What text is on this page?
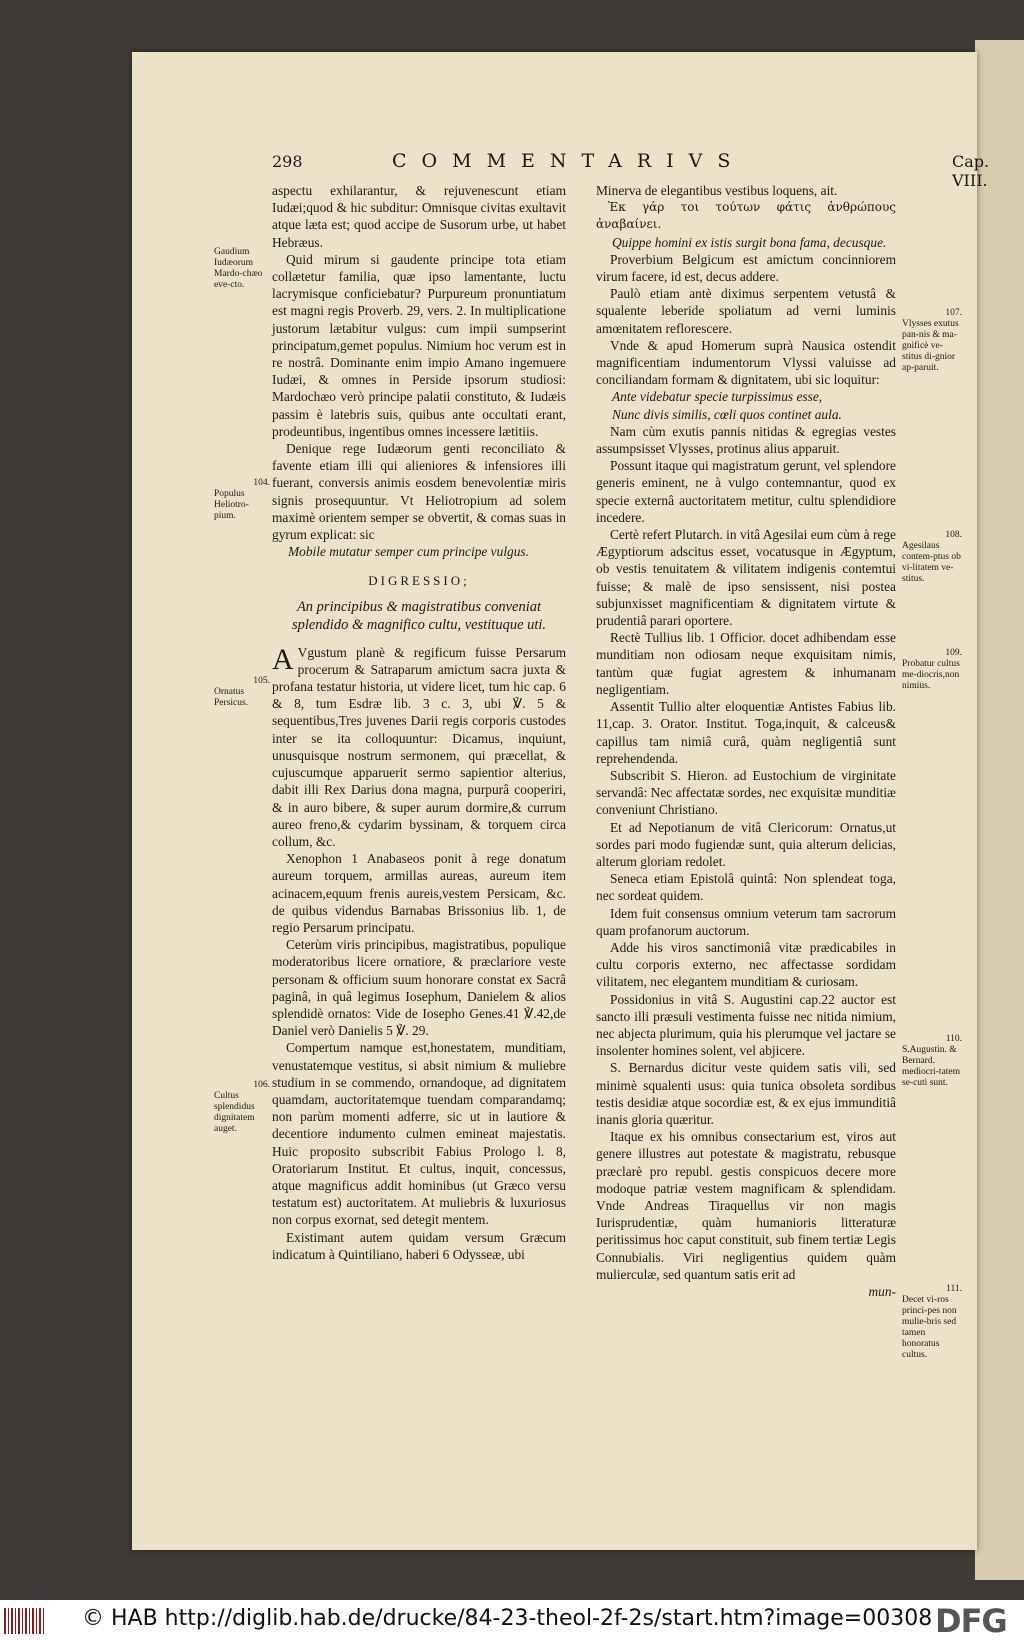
298	COMMENTARIVS	Cap. VIII.
Gaudium Iudæorum Mardo-chæo eve-cto.
104.
Populus Heliotro-pium.
105.
Ornatus Persicus.
106.
Cultus splendidus dignitatem auget.
107.
Vlysses exutus pan-nis & ma-gnificè ve-stitus di-gnior ap-paruit.
108.
Agesilaus contem-ptus ob vi-litatem ve-stitus.
109.
Probatur cultus me-diocris,non nimius.
110.
S.Augustin. & Bernard. mediocri-tatem se-cuti sunt.
111.
Decet vi-ros princi-pes non mulie-bris sed tamen honoratus cultus.

aspectu exhilarantur, & rejuvenescunt etiam Iudæi;quod & hic subditur: Omnisque civitas exultavit atque læta est; quod accipe de Susorum urbe, ut habet Hebræus.

Quid mirum si gaudente principe tota etiam collætetur familia, quæ ipso lamentante, luctu lacrymisque conficiebatur? Purpureum pronuntiatum est magni regis Proverb. 29, vers. 2. In multiplicatione justorum lætabitur vulgus: cum impii sumpserint principatum,gemet populus. Nimium hoc verum est in re nostrâ. Dominante enim impio Amano ingemuere Iudæi, & omnes in Perside ipsorum studiosi: Mardochæo verò principe palatii constituto, & Iudæis passim è latebris suis, quibus ante occultati erant, prodeuntibus, ingentibus omnes incessere lætitiis.

Denique rege Iudæorum genti reconciliato & favente etiam illi qui alieniores & infensiores illi fuerant, conversis animis eosdem benevolentiæ miris signis prosequuntur. Vt Heliotropium ad solem maximè orientem semper se obvertit, & comas suas in gyrum explicat: sic

Mobile mutatur semper cum principe vulgus.

DIGRESSIO;

An principibus & magistratibus conveniat splendido & magnifico cultu, vestituque uti.

A Vgustum planè & regificum fuisse Persarum procerum & Satraparum amictum sacra juxta & profana testatur historia, ut videre licet, tum hic cap. 6 & 8, tum Esdræ lib. 3 c. 3, ubi ℣. 5 & sequentibus,Tres juvenes Darii regis corporis custodes inter se ita colloquuntur: Dicamus, inquiunt, unusquisque nostrum sermonem, qui præcellat, & cujuscumque apparuerit sermo sapientior alterius, dabit illi Rex Darius dona magna, purpurâ cooperiri, & in auro bibere, & super aurum dormire,& currum aureo freno,& cydarim byssinam, & torquem circa collum, &c.

Xenophon 1 Anabaseos ponit à rege donatum aureum torquem, armillas aureas, aureum item acinacem,equum frenis aureis,vestem Persicam, &c. de quibus videndus Barnabas Brissonius lib. 1, de regio Persarum principatu.

Ceterùm viris principibus, magistratibus, populique moderatoribus licere ornatiore, & præclariore veste personam & officium suum honorare constat ex Sacrâ paginâ, in quâ legimus Iosephum, Danielem & alios splendidè ornatos: Vide de Iosepho Genes.41 ℣.42,de Daniel verò Danielis 5 ℣. 29.

Compertum namque est,honestatem, munditiam, venustatemque vestitus, si absit nimium & muliebre studium in se commendo, ornandoque, ad dignitatem quamdam, auctoritatemque tuendam comparandamq; non parùm momenti adferre, sic ut in lautiore & decentiore indumento culmen emineat majestatis. Huic proposito subscribit Fabius Prologo l. 8, Oratoriarum Institut. Et cultus, inquit, concessus, atque magnificus addit hominibus (ut Græco versu testatum est) auctoritatem. At muliebris & luxuriosus non corpus exornat, sed detegit mentem.

Existimant autem quidam versum Græcum indicatum à Quintiliano, haberi 6 Odysseæ, ubi

Minerva de elegantibus vestibus loquens, ait.

Ἐκ γάρ τοι τούτων φάτις ἀνθρώπους ἀναβαίνει.

Quippe homini ex istis surgit bona fama, decusque.

Proverbium Belgicum est amictum concinniorem virum facere, id est, decus addere.

Paulò etiam antè diximus serpentem vetustâ & squalente leberide spoliatum ad verni luminis amœnitatem reflorescere.

Vnde & apud Homerum suprà Nausica ostendit magnificentiam indumentorum Vlyssi valuisse ad conciliandam formam & dignitatem, ubi sic loquitur:

Ante videbatur specie turpissimus esse,

Nunc divis similis, cœli quos continet aula.

Nam cùm exutis pannis nitidas & egregias vestes assumpsisset Vlysses, protinus alius apparuit.

Possunt itaque qui magistratum gerunt, vel splendore generis eminent, ne à vulgo contemnantur, quod ex specie externâ auctoritatem metitur, cultu splendidiore incedere.

Certè refert Plutarch. in vitâ Agesilai eum cùm à rege Ægyptiorum adscitus esset, vocatusque in Ægyptum, ob vestis tenuitatem & vilitatem indigenis contemtui fuisse; & malè de ipso sensissent, nisi postea subjunxisset magnificentiam & dignitatem virtute & prudentiâ parari oportere.

Rectè Tullius lib. 1 Officior. docet adhibendam esse munditiam non odiosam neque exquisitam nimis, tantùm quæ fugiat agrestem & inhumanam negligentiam.

Assentit Tullio alter eloquentiæ Antistes Fabius lib. 11,cap. 3. Orator. Institut. Toga,inquit, & calceus& capillus tam nimiâ curâ, quàm negligentiâ sunt reprehendenda.

Subscribit S. Hieron. ad Eustochium de virginitate servandâ: Nec affectatæ sordes, nec exquisitæ munditiæ conveniunt Christiano.

Et ad Nepotianum de vitâ Clericorum: Ornatus,ut sordes pari modo fugiendæ sunt, quia alterum delicias, alterum gloriam redolet.

Seneca etiam Epistolâ quintâ: Non splendeat toga, nec sordeat quidem.

Idem fuit consensus omnium veterum tam sacrorum quam profanorum auctorum.

Adde his viros sanctimoniâ vitæ prædicabiles in cultu corporis externo, nec affectasse sordidam vilitatem, nec elegantem munditiam & curiosam.

Possidonius in vitâ S. Augustini cap.22 auctor est sancto illi præsuli vestimenta fuisse nec nitida nimium, nec abjecta plurimum, quia his plerumque vel jactare se insolenter homines solent, vel abjicere.

S. Bernardus dicitur veste quidem satis vili, sed minimè squalenti usus: quia tunica obsoleta sordibus testis desidiæ atque socordiæ est, & ex ejus immunditiâ inanis gloria quæritur.

Itaque ex his omnibus consectarium est, viros aut genere illustres aut potestate & magistratu, rebusque præclarè pro republ. gestis conspicuos decere more modoque patriæ vestem magnificam & splendidam. Vnde Andreas Tiraquellus vir non magis Iurisprudentiæ, quàm humanioris litteraturæ peritissimus hoc caput constituit, sub finem tertiæ Legis Connubialis. Viri negligentius quidem quàm mulierculæ, sed quantum satis erit ad

mun-

© HAB http://diglib.hab.de/drucke/84-23-theol-2f-2s/start.htm?image=00308 DFG
